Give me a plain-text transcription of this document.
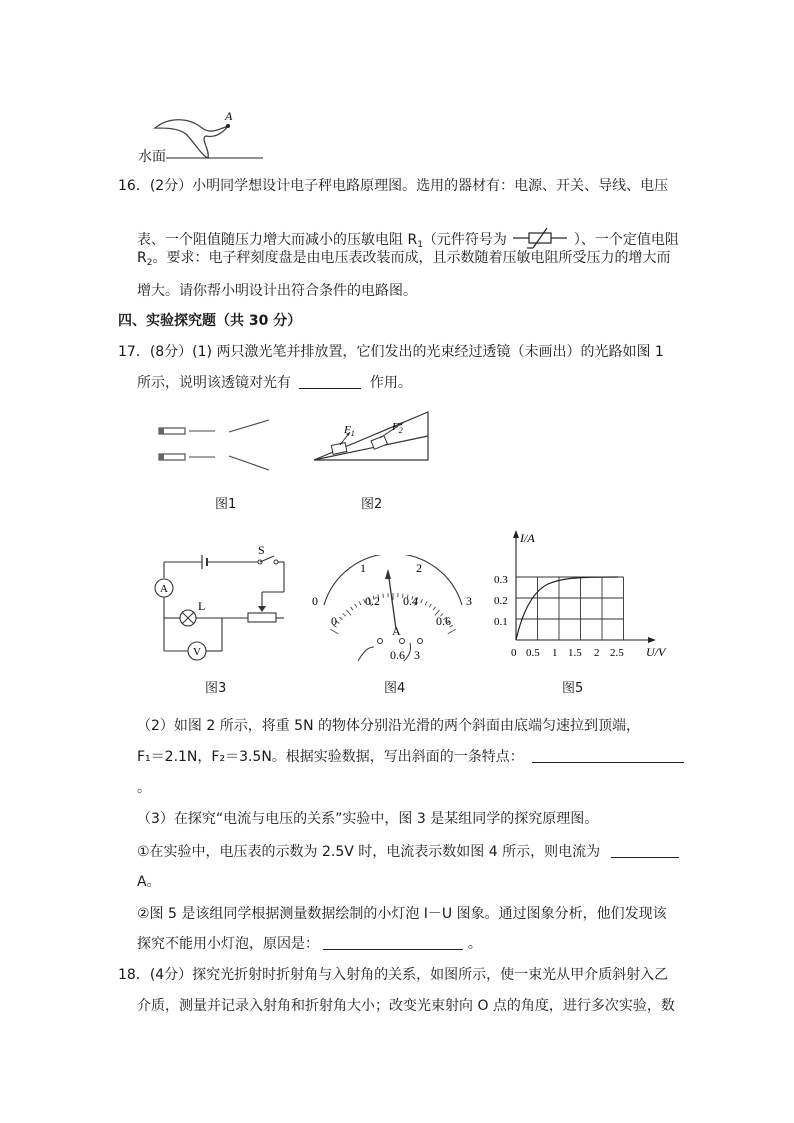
A
水面
16．(2分）小明同学想设计电子秤电路原理图。选用的器材有：电源、开关、导线、电压
表、一个阻值随压力增大而减小的压敏电阻 $R_1$（元件符号为	）、一个定值电阻
$R_2$。要求：电子秤刻度盘是由电压表改装而成，且示数随着压敏电阻所受压力的增大而
增大。请你帮小明设计出符合条件的电路图。
四、实验探究题（共 30 分）
17．(8分）(1) 两只激光笔并排放置，它们发出的光束经过透镜（未画出）的光路如图 1
所示，说明该透镜对光有	作用。
图1
$F_1$
$F_2$
图2
S
A
L
V
图3
0
1	2
3
0
0.2 0.4
0.6
A
0.6 3
图4
I/A
U/V
0.3
0.2
0.1
0 0.5 1 1.5 2 2.5
图5
（2）如图 2 所示，将重 5N 的物体分别沿光滑的两个斜面由底端匀速拉到顶端，
F₁＝2.1N，F₂＝3.5N。根据实验数据，写出斜面的一条特点：
。
（3）在探究“电流与电压的关系”实验中，图 3 是某组同学的探究原理图。
①在实验中，电压表的示数为 2.5V 时，电流表示数如图 4 所示，则电流为
A。
②图 5 是该组同学根据测量数据绘制的小灯泡 I－U 图象。通过图象分析，他们发现该
探究不能用小灯泡，原因是：	。
18．(4分）探究光折射时折射角与入射角的关系，如图所示，使一束光从甲介质斜射入乙
介质，测量并记录入射角和折射角大小；改变光束射向 O 点的角度，进行多次实验，数
